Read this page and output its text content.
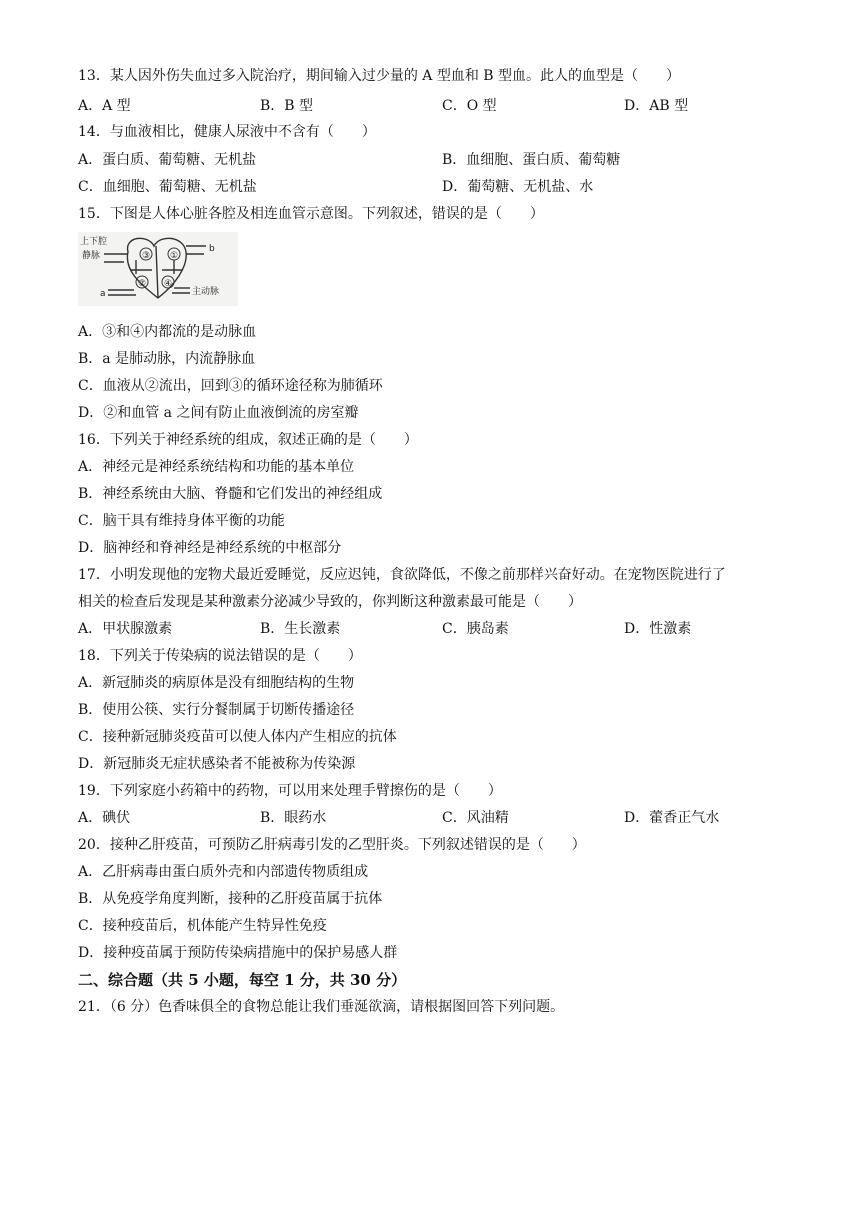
13．某人因外伤失血过多入院治疗，期间输入过少量的 A 型血和 B 型血。此人的血型是（　　）
A．A 型	B．B 型	C．O 型	D．AB 型
14．与血液相比，健康人尿液中不含有（　　）
A．蛋白质、葡萄糖、无机盐	B．血细胞、蛋白质、葡萄糖
C．血细胞、葡萄糖、无机盐	D．葡萄糖、无机盐、水
15．下图是人体心脏各腔及相连血管示意图。下列叙述，错误的是（　　）
上下腔
静脉
b
a	主动脉
③ ①
② ④
A．③和④内都流的是动脉血
B．a 是肺动脉，内流静脉血
C．血液从②流出，回到③的循环途径称为肺循环
D．②和血管 a 之间有防止血液倒流的房室瓣
16．下列关于神经系统的组成，叙述正确的是（　　）
A．神经元是神经系统结构和功能的基本单位
B．神经系统由大脑、脊髓和它们发出的神经组成
C．脑干具有维持身体平衡的功能
D．脑神经和脊神经是神经系统的中枢部分
17．小明发现他的宠物犬最近爱睡觉，反应迟钝，食欲降低，不像之前那样兴奋好动。在宠物医院进行了
相关的检查后发现是某种激素分泌减少导致的，你判断这种激素最可能是（　　）
A．甲状腺激素	B．生长激素	C．胰岛素	D．性激素
18．下列关于传染病的说法错误的是（　　）
A．新冠肺炎的病原体是没有细胞结构的生物
B．使用公筷、实行分餐制属于切断传播途径
C．接种新冠肺炎疫苗可以使人体内产生相应的抗体
D．新冠肺炎无症状感染者不能被称为传染源
19．下列家庭小药箱中的药物，可以用来处理手臂擦伤的是（　　）
A．碘伏	B．眼药水	C．风油精	D．藿香正气水
20．接种乙肝疫苗，可预防乙肝病毒引发的乙型肝炎。下列叙述错误的是（　　）
A．乙肝病毒由蛋白质外壳和内部遗传物质组成
B．从免疫学角度判断，接种的乙肝疫苗属于抗体
C．接种疫苗后，机体能产生特异性免疫
D．接种疫苗属于预防传染病措施中的保护易感人群
二、综合题（共 5 小题，每空 1 分，共 30 分）
21．（6 分）色香味俱全的食物总能让我们垂涎欲滴，请根据图回答下列问题。
